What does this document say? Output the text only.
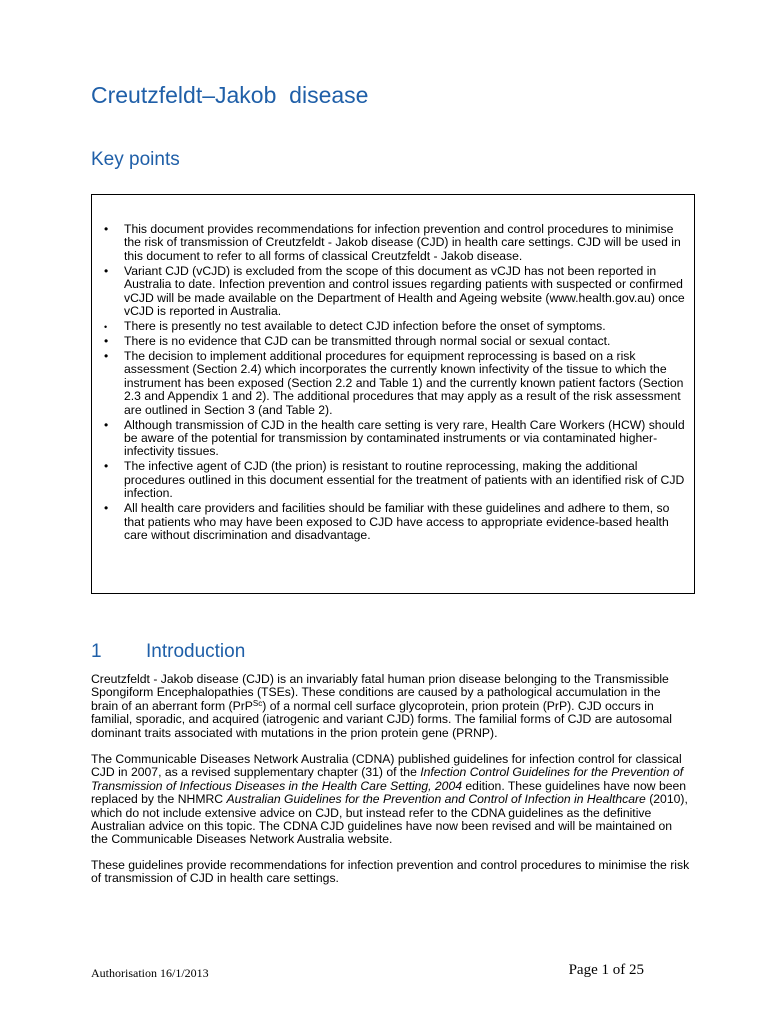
Creutzfeldt–Jakob  disease
Key points
• This document provides recommendations for infection prevention and control procedures to minimise the risk of transmission of Creutzfeldt - Jakob disease (CJD) in health care settings. CJD will be used in this document to refer to all forms of classical Creutzfeldt - Jakob disease.
• Variant CJD (vCJD) is excluded from the scope of this document as vCJD has not been reported in Australia to date. Infection prevention and control issues regarding patients with suspected or confirmed vCJD will be made available on the Department of Health and Ageing website (www.health.gov.au) once vCJD is reported in Australia.
• There is presently no test available to detect CJD infection before the onset of symptoms.
• There is no evidence that CJD can be transmitted through normal social or sexual contact.
• The decision to implement additional procedures for equipment reprocessing is based on a risk assessment (Section 2.4) which incorporates the currently known infectivity of the tissue to which the instrument has been exposed (Section 2.2 and Table 1) and the currently known patient factors (Section 2.3 and Appendix 1 and 2). The additional procedures that may apply as a result of the risk assessment are outlined in Section 3 (and Table 2).
• Although transmission of CJD in the health care setting is very rare, Health Care Workers (HCW) should be aware of the potential for transmission by contaminated instruments or via contaminated higher- infectivity tissues.
• The infective agent of CJD (the prion) is resistant to routine reprocessing, making the additional procedures outlined in this document essential for the treatment of patients with an identified risk of CJD infection.
• All health care providers and facilities should be familiar with these guidelines and adhere to them, so that patients who may have been exposed to CJD have access to appropriate evidence-based health care without discrimination and disadvantage.
1 Introduction

Creutzfeldt - Jakob disease (CJD) is an invariably fatal human prion disease belonging to the Transmissible Spongiform Encephalopathies (TSEs). These conditions are caused by a pathological accumulation in the brain of an aberrant form (PrP$^{Sc}$) of a normal cell surface glycoprotein, prion protein (PrP). CJD occurs in familial, sporadic, and acquired (iatrogenic and variant CJD) forms. The familial forms of CJD are autosomal dominant traits associated with mutations in the prion protein gene (PRNP).

The Communicable Diseases Network Australia (CDNA) published guidelines for infection control for classical CJD in 2007, as a revised supplementary chapter (31) of the Infection Control Guidelines for the Prevention of Transmission of Infectious Diseases in the Health Care Setting, 2004 edition. These guidelines have now been replaced by the NHMRC Australian Guidelines for the Prevention and Control of Infection in Healthcare (2010), which do not include extensive advice on CJD, but instead refer to the CDNA guidelines as the definitive Australian advice on this topic. The CDNA CJD guidelines have now been revised and will be maintained on the Communicable Diseases Network Australia website.

These guidelines provide recommendations for infection prevention and control procedures to minimise the risk of transmission of CJD in health care settings.

Authorisation 16/1/2013	Page 1 of 25
